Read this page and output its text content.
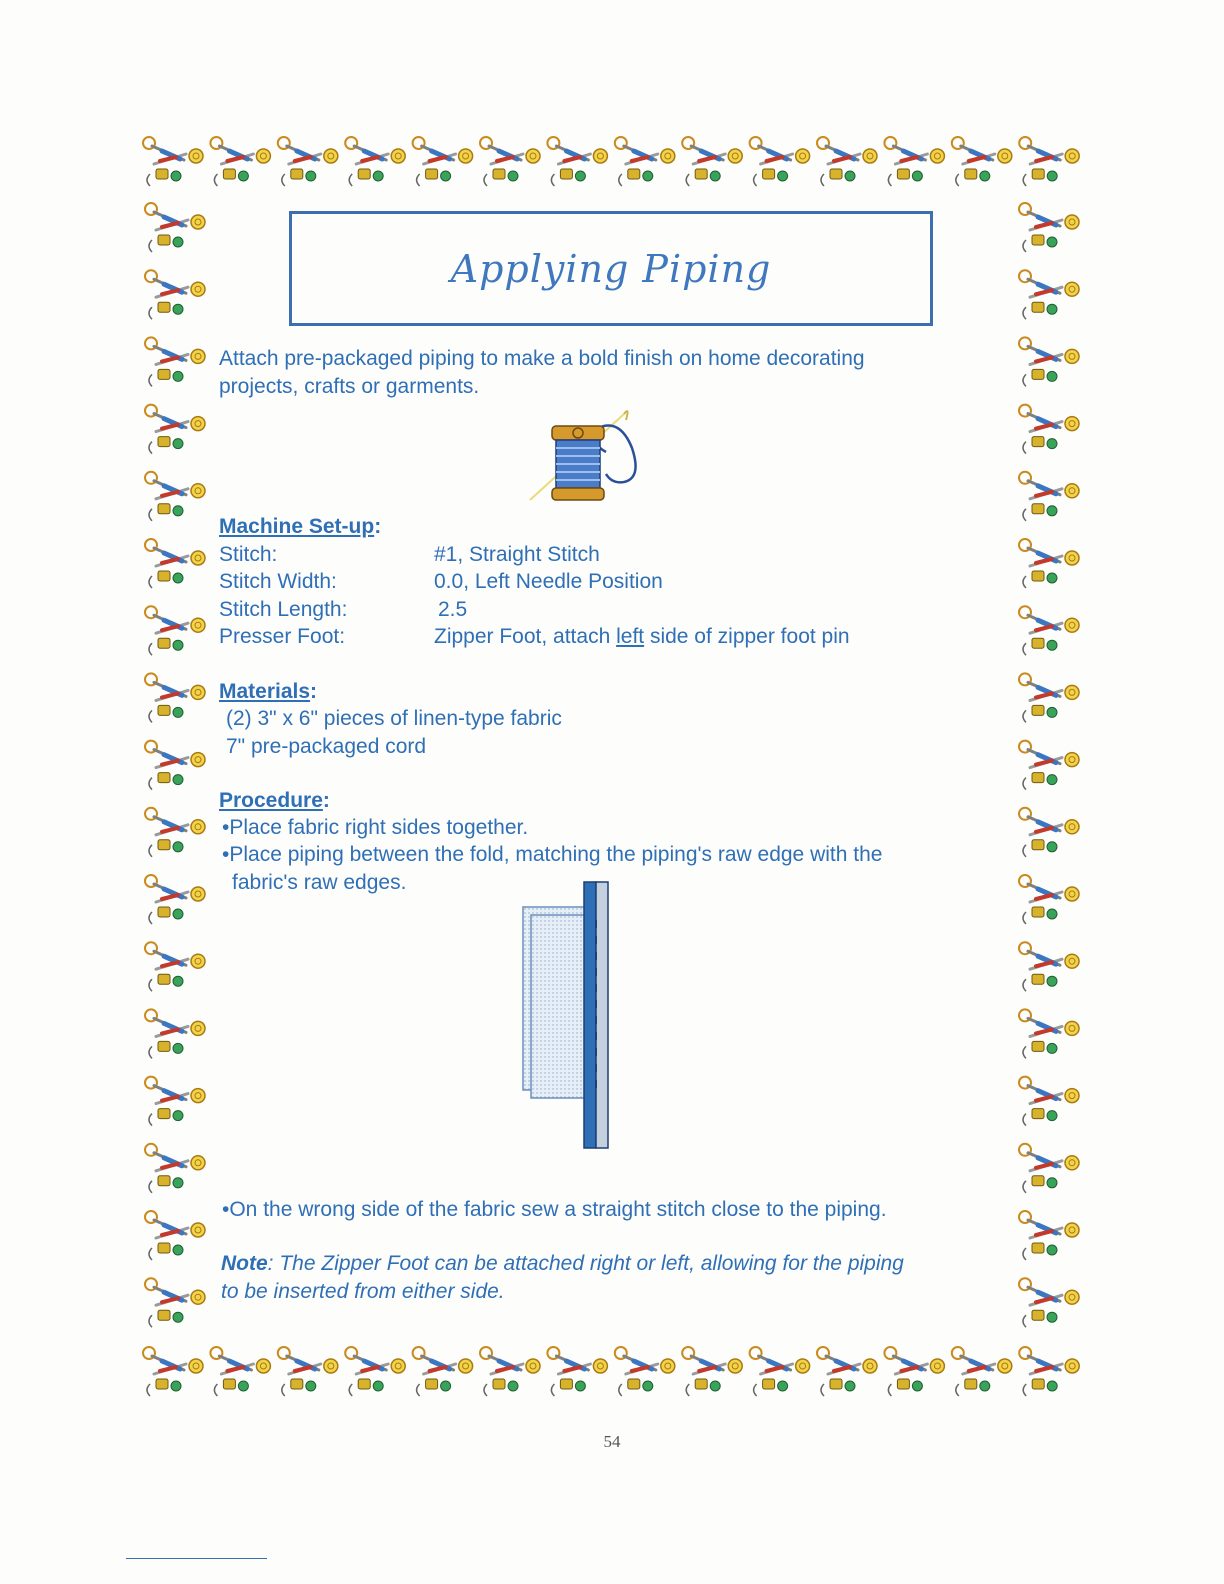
Applying Piping
Attach pre-packaged piping to make a bold finish on home decorating
projects, crafts or garments.
Machine Set-up:
Stitch:	#1, Straight Stitch
Stitch Width:	0.0, Left Needle Position
Stitch Length:	2.5
Presser Foot:	Zipper Foot, attach left side of zipper foot pin
Materials:
(2) 3" x 6" pieces of linen-type fabric
7" pre-packaged cord
Procedure:
•Place fabric right sides together.
•Place piping between the fold, matching the piping's raw edge with the
fabric's raw edges.
•On the wrong side of the fabric sew a straight stitch close to the piping.
Note: The Zipper Foot can be attached right or left, allowing for the piping
to be inserted from either side.
54
